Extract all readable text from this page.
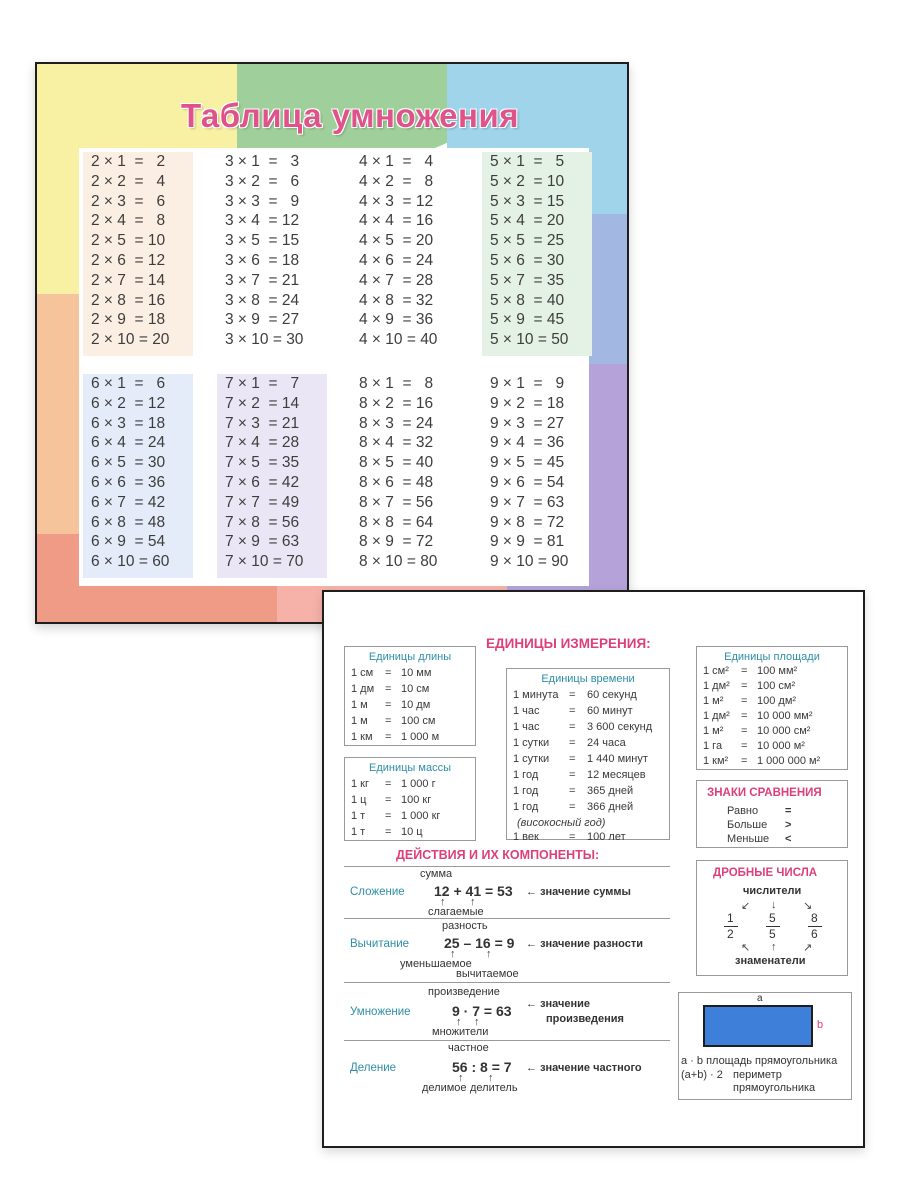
Таблица умножения
2 × 1  =   2
2 × 2  =   4
2 × 3  =   6
2 × 4  =   8
2 × 5  = 10
2 × 6  = 12
2 × 7  = 14
2 × 8  = 16
2 × 9  = 18
2 × 10 = 20
3 × 1  =   3
3 × 2  =   6
3 × 3  =   9
3 × 4  = 12
3 × 5  = 15
3 × 6  = 18
3 × 7  = 21
3 × 8  = 24
3 × 9  = 27
3 × 10 = 30
4 × 1  =   4
4 × 2  =   8
4 × 3  = 12
4 × 4  = 16
4 × 5  = 20
4 × 6  = 24
4 × 7  = 28
4 × 8  = 32
4 × 9  = 36
4 × 10 = 40
5 × 1  =   5
5 × 2  = 10
5 × 3  = 15
5 × 4  = 20
5 × 5  = 25
5 × 6  = 30
5 × 7  = 35
5 × 8  = 40
5 × 9  = 45
5 × 10 = 50
6 × 1  =   6
6 × 2  = 12
6 × 3  = 18
6 × 4  = 24
6 × 5  = 30
6 × 6  = 36
6 × 7  = 42
6 × 8  = 48
6 × 9  = 54
6 × 10 = 60
7 × 1  =   7
7 × 2  = 14
7 × 3  = 21
7 × 4  = 28
7 × 5  = 35
7 × 6  = 42
7 × 7  = 49
7 × 8  = 56
7 × 9  = 63
7 × 10 = 70
8 × 1  =   8
8 × 2  = 16
8 × 3  = 24
8 × 4  = 32
8 × 5  = 40
8 × 6  = 48
8 × 7  = 56
8 × 8  = 64
8 × 9  = 72
8 × 10 = 80
9 × 1  =   9
9 × 2  = 18
9 × 3  = 27
9 × 4  = 36
9 × 5  = 45
9 × 6  = 54
9 × 7  = 63
9 × 8  = 72
9 × 9  = 81
9 × 10 = 90
ЕДИНИЦЫ ИЗМЕРЕНИЯ:
Единицы длины
1 см = 10 мм
1 дм = 10 см
1 м = 10 дм
1 м = 100 см
1 км = 1 000 м
Единицы массы
1 кг = 1 000 г
1 ц = 100 кг
1 т = 1 000 кг
1 т = 10 ц
Единицы времени
1 минута = 60 секунд
1 час	= 60 минут
1 час	= 3 600 секунд
1 сутки = 24 часа
1 сутки = 1 440 минут
1 год	= 12 месяцев
1 год	= 365 дней
1 год	= 366 дней
(високосный год)
1 век	= 100 лет
Единицы площади
1 см² = 100 мм²
1 дм² = 100 см²
1 м² = 100 дм²
1 дм² = 10 000 мм²
1 м² = 10 000 см²
1 га = 10 000 м²
1 км² = 1 000 000 м²
ЗНАКИ СРАВНЕНИЯ
Равно =
Больше >
Меньше <
ДРОБНЫЕ ЧИСЛА
числители
↙ ↓ ↘
1
2
5
5
8
6
↖ ↑ ↗
знаменатели
a
b
a · b площадь прямоугольника
(a+b) · 2 периметр
прямоугольника
ДЕЙСТВИЯ И ИХ КОМПОНЕНТЫ:
сумма
Сложение 12 + 41 = 53 ← значение суммы
↑ ↑
слагаемые
разность
Вычитание 25 – 16 = 9 ← значение разности
↑	↑
уменьшаемое
вычитаемое
произведение
Умножение	9 · 7 = 63 ← значение
произведения
↑ ↑
множители
частное
Деление	56 : 8 = 7 ← значение частного
↑ ↑
делимое делитель
